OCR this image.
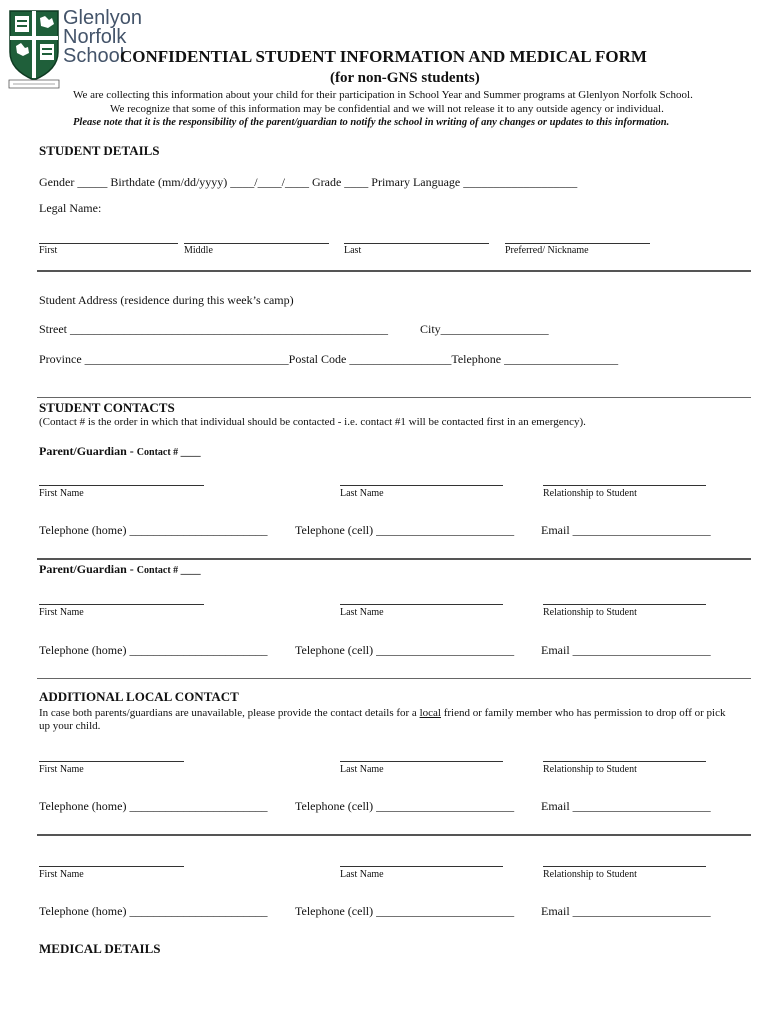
Glenlyon
Norfolk
School
CONFIDENTIAL STUDENT INFORMATION AND MEDICAL FORM
(for non-GNS students)
We are collecting this information about your child for their participation in School Year and Summer programs at Glenlyon Norfolk School.
We recognize that some of this information may be confidential and we will not release it to any outside agency or individual.
Please note that it is the responsibility of the parent/guardian to notify the school in writing of any changes or updates to this information.
STUDENT DETAILS
Gender _____ Birthdate (mm/dd/yyyy) ____/____/____ Grade ____ Primary Language ___________________
Legal Name:
First	Middle	Last	Preferred/ Nickname
Student Address (residence during this week’s camp)
Street _____________________________________________________	City__________________
Province __________________________________Postal Code _________________Telephone ___________________
STUDENT CONTACTS
(Contact # is the order in which that individual should be contacted - i.e. contact #1 will be contacted first in an emergency).
Parent/Guardian - Contact # ____
First Name	Last Name	Relationship to Student
Telephone (home) _______________________ Telephone (cell) _______________________ Email _______________________
Parent/Guardian - Contact # ____
First Name	Last Name	Relationship to Student
Telephone (home) _______________________ Telephone (cell) _______________________ Email _______________________
ADDITIONAL LOCAL CONTACT
In case both parents/guardians are unavailable, please provide the contact details for a local friend or family member who has permission to drop off or pick
up your child.
First Name	Last Name	Relationship to Student
Telephone (home) _______________________ Telephone (cell) _______________________ Email _______________________
First Name	Last Name	Relationship to Student
Telephone (home) _______________________ Telephone (cell) _______________________ Email _______________________
MEDICAL DETAILS
